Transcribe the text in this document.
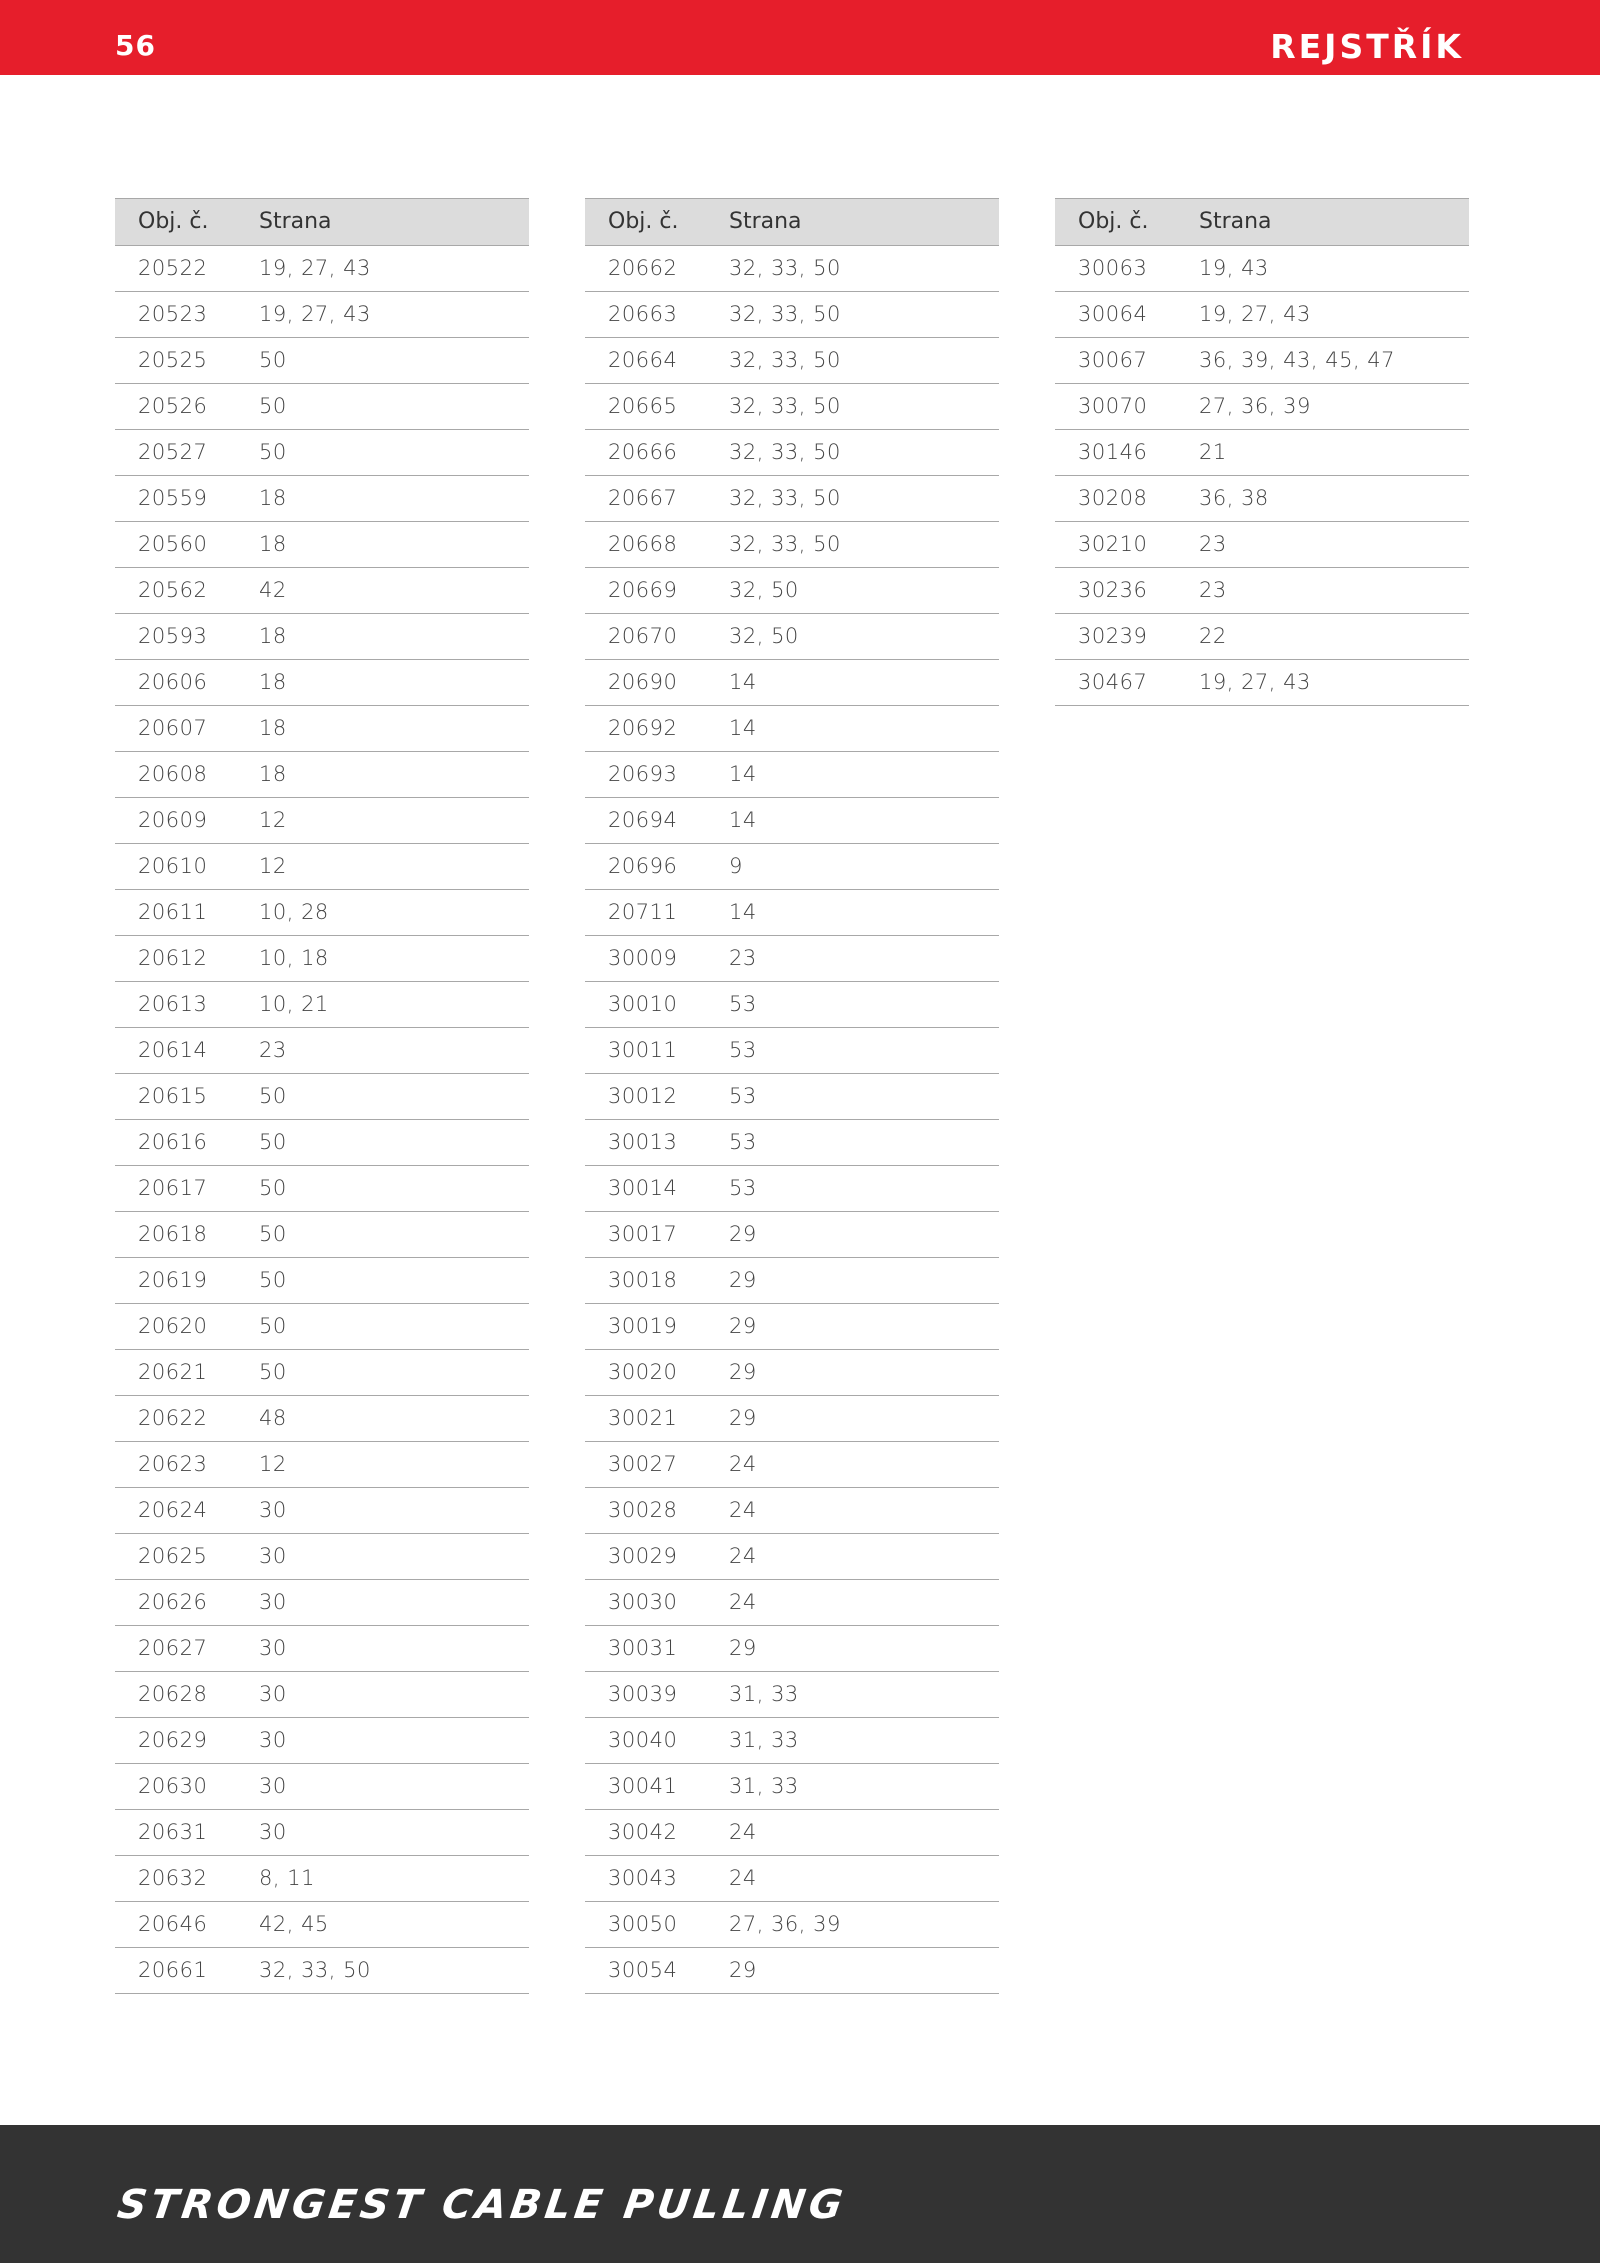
56	REJSTŘÍK
Obj. č.	Strana
20522	19, 27, 43
20523	19, 27, 43
20525	50
20526	50
20527	50
20559	18
20560	18
20562	42
20593	18
20606	18
20607	18
20608	18
20609	12
20610	12
20611	10, 28
20612	10, 18
20613	10, 21
20614	23
20615	50
20616	50
20617	50
20618	50
20619	50
20620	50
20621	50
20622	48
20623	12
20624	30
20625	30
20626	30
20627	30
20628	30
20629	30
20630	30
20631	30
20632	8, 11
20646	42, 45
20661	32, 33, 50
Obj. č.	Strana
20662	32, 33, 50
20663	32, 33, 50
20664	32, 33, 50
20665	32, 33, 50
20666	32, 33, 50
20667	32, 33, 50
20668	32, 33, 50
20669	32, 50
20670	32, 50
20690	14
20692	14
20693	14
20694	14
20696	9
20711	14
30009	23
30010	53
30011	53
30012	53
30013	53
30014	53
30017	29
30018	29
30019	29
30020	29
30021	29
30027	24
30028	24
30029	24
30030	24
30031	29
30039	31, 33
30040	31, 33
30041	31, 33
30042	24
30043	24
30050	27, 36, 39
30054	29
Obj. č.	Strana
30063	19, 43
30064	19, 27, 43
30067	36, 39, 43, 45, 47
30070	27, 36, 39
30146	21
30208	36, 38
30210	23
30236	23
30239	22
30467	19, 27, 43
STRONGEST CABLE PULLING
